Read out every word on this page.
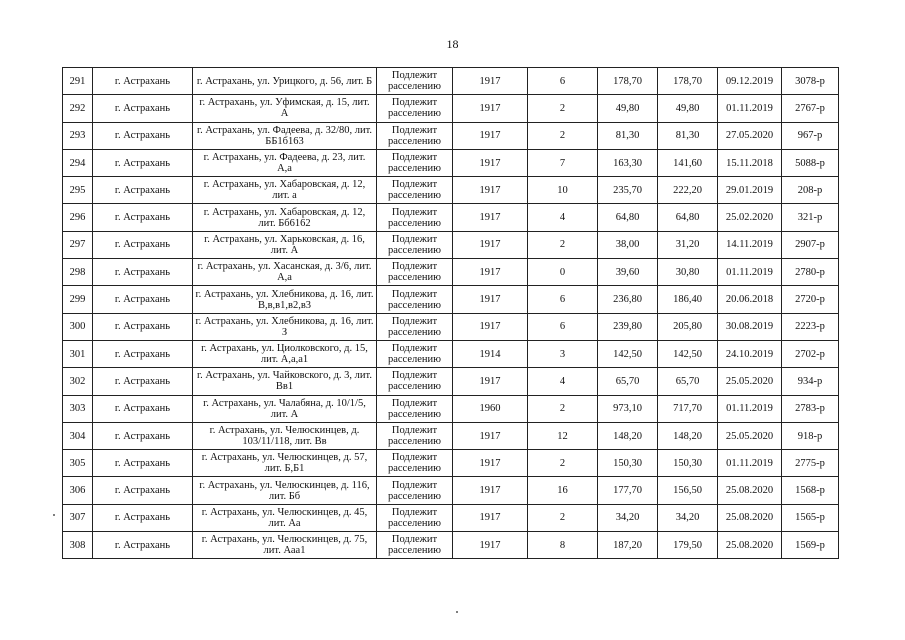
18
291	г. Астрахань	г. Астрахань, ул. Урицкого, д. 56, лит. Б	Подлежит расселению	1917	6	178,70	178,70	09.12.2019	3078-р
292	г. Астрахань	г. Астрахань, ул. Уфимская, д. 15, лит. А	Подлежит расселению	1917	2	49,80	49,80	01.11.2019	2767-р
293	г. Астрахань	г. Астрахань, ул. Фадеева, д. 32/80, лит. ББ1б163	Подлежит расселению	1917	2	81,30	81,30	27.05.2020	967-р
294	г. Астрахань	г. Астрахань, ул. Фадеева, д. 23, лит. А,а	Подлежит расселению	1917	7	163,30	141,60	15.11.2018	5088-р
295	г. Астрахань	г. Астрахань, ул. Хабаровская, д. 12, лит. а	Подлежит расселению	1917	10	235,70	222,20	29.01.2019	208-р
296	г. Астрахань	г. Астрахань, ул. Хабаровская, д. 12, лит. Бб6162	Подлежит расселению	1917	4	64,80	64,80	25.02.2020	321-р
297	г. Астрахань	г. Астрахань, ул. Харьковская, д. 16, лит. А	Подлежит расселению	1917	2	38,00	31,20	14.11.2019	2907-р
298	г. Астрахань	г. Астрахань, ул. Хасанская, д. 3/6, лит. А,а	Подлежит расселению	1917	0	39,60	30,80	01.11.2019	2780-р
299	г. Астрахань	г. Астрахань, ул. Хлебникова, д. 16, лит. В,в,в1,в2,в3	Подлежит расселению	1917	6	236,80	186,40	20.06.2018	2720-р
300	г. Астрахань	г. Астрахань, ул. Хлебникова, д. 16, лит. З	Подлежит расселению	1917	6	239,80	205,80	30.08.2019	2223-р
301	г. Астрахань	г. Астрахань, ул. Циолковского, д. 15, лит. А,а,а1	Подлежит расселению	1914	3	142,50	142,50	24.10.2019	2702-р
302	г. Астрахань	г. Астрахань, ул. Чайковского, д. 3, лит. Вв1	Подлежит расселению	1917	4	65,70	65,70	25.05.2020	934-р
303	г. Астрахань	г. Астрахань, ул. Чалабяна, д. 10/1/5, лит. А	Подлежит расселению	1960	2	973,10	717,70	01.11.2019	2783-р
304	г. Астрахань	г. Астрахань, ул. Челюскинцев, д. 103/11/118, лит. Вв	Подлежит расселению	1917	12	148,20	148,20	25.05.2020	918-р
305	г. Астрахань	г. Астрахань, ул. Челюскинцев, д. 57, лит. Б,Б1	Подлежит расселению	1917	2	150,30	150,30	01.11.2019	2775-р
306	г. Астрахань	г. Астрахань, ул. Челюскинцев, д. 116, лит. Бб	Подлежит расселению	1917	16	177,70	156,50	25.08.2020	1568-р
307	г. Астрахань	г. Астрахань, ул. Челюскинцев, д. 45, лит. Аа	Подлежит расселению	1917	2	34,20	34,20	25.08.2020	1565-р
308	г. Астрахань	г. Астрахань, ул. Челюскинцев, д. 75, лит. Ааа1	Подлежит расселению	1917	8	187,20	179,50	25.08.2020	1569-р
